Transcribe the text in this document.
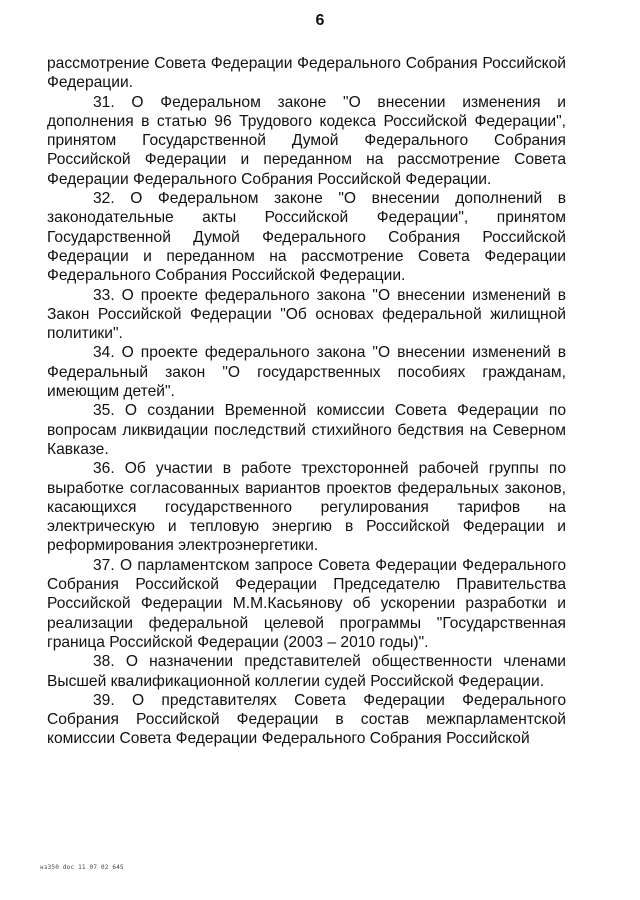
6

рассмотрение Совета Федерации Федерального Собрания Российской Федерации.

31. О Федеральном законе "О внесении изменения и дополнения в статью 96 Трудового кодекса Российской Федерации", принятом Государственной Думой Федерального Собрания Российской Федерации и переданном на рассмотрение Совета Федерации Федерального Собрания Российской Федерации.

32. О Федеральном законе "О внесении дополнений в законодательные акты Российской Федерации", принятом Государственной Думой Федерального Собрания Российской Федерации и переданном на рассмотрение Совета Федерации Федерального Собрания Российской Федерации.

33. О проекте федерального закона "О внесении изменений в Закон Российской Федерации "Об основах федеральной жилищной политики".

34. О проекте федерального закона "О внесении изменений в Федеральный закон "О государственных пособиях гражданам, имеющим детей".

35. О создании Временной комиссии Совета Федерации по вопросам ликвидации последствий стихийного бедствия на Северном Кавказе.

36. Об участии в работе трехсторонней рабочей группы по выработке согласованных вариантов проектов федеральных законов, касающихся государственного регулирования тарифов на электрическую и тепловую энергию в Российской Федерации и реформирования электроэнергетики.

37. О парламентском запросе Совета Федерации Федерального Собрания Российской Федерации Председателю Правительства Российской Федерации М.М.Касьянову об ускорении разработки и реализации федеральной целевой программы "Государственная граница Российской Федерации (2003 – 2010 годы)".

38. О назначении представителей общественности членами Высшей квалификационной коллегии судей Российской Федерации.

39. О представителях Совета Федерации Федерального Собрания Российской Федерации в состав межпарламентской комиссии Совета Федерации Федерального Собрания Российской

нз350 doc 11 07 02 645
